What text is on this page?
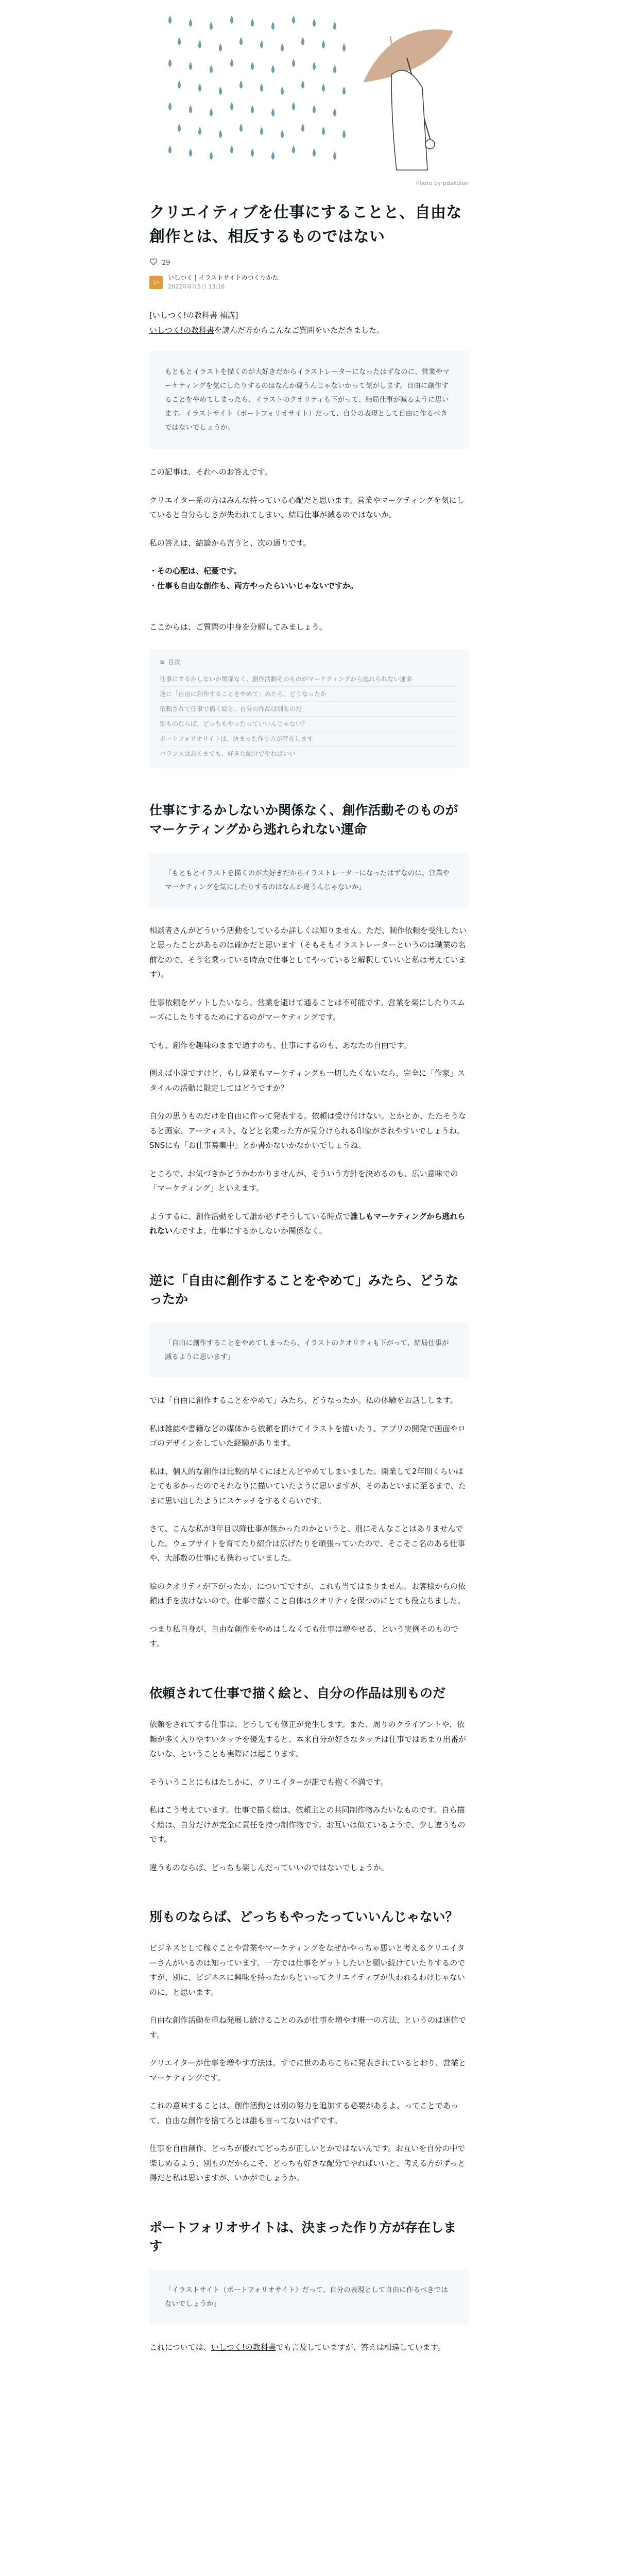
Photo by pdakolan
クリエイティブを仕事にすることと、自由な創作とは、相反するものではない
29
い
いしつく | イラストサイトのつくりかた
2022年6月5日 13:16

[いしつく!の教科書 補講]

いしつく!の教科書を読んだ方からこんなご質問をいただきました。

もともとイラストを描くのが大好きだからイラストレーターになったはずなのに、営業やマーケティングを気にしたりするのはなんか違うんじゃないかって気がします。自由に創作することをやめてしまったら、イラストのクオリティも下がって、結局仕事が減るように思います。イラストサイト（ポートフォリオサイト）だって、自分の表現として自由に作るべきではないでしょうか。

この記事は、それへのお答えです。

クリエイター系の方はみんな持っている心配だと思います。営業やマーケティングを気にしていると自分らしさが失われてしまい、結局仕事が減るのではないか。

私の答えは、結論から言うと、次の通りです。

・その心配は、杞憂です。

・仕事も自由な創作も、両方やったらいいじゃないですか。

ここからは、ご質問の中身を分解してみましょう。

≡ 目次
仕事にするかしないか関係なく、創作活動そのものがマーケティングから逃れられない運命
逆に「自由に創作することをやめて」みたら、どうなったか
依頼されて仕事で描く絵と、自分の作品は別ものだ
別ものならば、どっちもやったっていいんじゃない？
ポートフォリオサイトは、決まった作り方が存在します
バランスはあくまでも、好きな配分でやればいい
仕事にするかしないか関係なく、創作活動そのものがマーケティングから逃れられない運命
「もともとイラストを描くのが大好きだからイラストレーターになったはずなのに、営業やマーケティングを気にしたりするのはなんか違うんじゃないか」

相談者さんがどういう活動をしているか詳しくは知りません。ただ、制作依頼を受注したいと思ったことがあるのは確かだと思います（そもそもイラストレーターというのは職業の名前なので、そう名乗っている時点で仕事としてやっていると解釈していいと私は考えています）。

仕事依頼をゲットしたいなら、営業を避けて通ることは不可能です。営業を楽にしたりスムーズにしたりするためにするのがマーケティングです。

でも、創作を趣味のままで通すのも、仕事にするのも、あなたの自由です。

例えば小説ですけど、もし営業もマーケティングも一切したくないなら、完全に「作家」スタイルの活動に限定してはどうですか？

自分の思うものだけを自由に作って発表する。依頼は受け付けない。とかとか、たたそうなると画家、アーティスト、などと名乗った方が見分けられる印象がされやすいでしょうね。SNSにも「お仕事募集中」とか書かないかなかいでしょうね。

ところで、お気づきかどうかわかりませんが、そういう方針を決めるのも、広い意味での「マーケティング」といえます。

ようするに、創作活動をして誰か必ずそうしている時点で誰しもマーケティングから逃れられないんですよ。仕事にするかしないか関係なく。

逆に「自由に創作することをやめて」みたら、どうなったか
「自由に創作することをやめてしまったら、イラストのクオリティも下がって、結局仕事が減るように思います」

では「自由に創作することをやめて」みたら、どうなったか。私の体験をお話しします。

私は雑誌や書籍などの媒体から依頼を頂けてイラストを描いたり、アプリの開発で画面やロゴのデザインをしていた経験があります。

私は、個人的な創作は比較的早くにほとんどやめてしまいました。開業して2年間くらいはとても多かったのでそれなりに描いていたように思いますが、そのあといまに至るまで、たまに思い出したようにスケッチをするくらいです。

さて、こんな私が3年目以降仕事が無かったのかというと、別にそんなことはありませんでした。ウェブサイトを育てたり紹介は広げたりを頑張っていたので、そこそこ名のある仕事や、大部数の仕事にも携わっていました。

絵のクオリティが下がったか、についてですが、これも当てはまりません。お客様からの依頼は手を抜けないので、仕事で描くこと自体はクオリティを保つのにとても役立ちました。

つまり私自身が、自由な創作をやめはしなくても仕事は増やせる、という実例そのものです。

依頼されて仕事で描く絵と、自分の作品は別ものだ

依頼をされてする仕事は、どうしても修正が発生します。また、周りのクライアントや、依頼が多く入りやすいタッチを優先すると、本来自分が好きなタッチは仕事ではあまり出番がないな、ということも実際には起こります。

そういうことにもはたしかに、クリエイターが誰でも抱く不満です。

私はこう考えています。仕事で描く絵は、依頼主との共同制作物みたいなものです。自ら描く絵は、自分だけが完全に責任を持つ制作物です。お互いは似ているようで、少し違うものです。

違うものならば、どっちも楽しんだっていいのではないでしょうか。

別ものならば、どっちもやったっていいんじゃない？

ビジネスとして稼ぐことや営業やマーケティングをなぜかやっちゃ悪いと考えるクリエイターさんがいるのは知っています。一方では仕事をゲットしたいと願い続けていたりするのですが、別に、ビジネスに興味を持ったからといってクリエイティブが失われるわけじゃないのに、と思います。

自由な創作活動を重ね発展し続けることのみが仕事を増やす唯一の方法、というのは迷信です。

クリエイターが仕事を増やす方法は、すでに世のあちこちに発表されているとおり、営業とマーケティングです。

これの意味することは、創作活動とは別の努力を追加する必要があるよ、ってことであって、自由な創作を捨てろとは誰も言ってないはずです。

仕事を自由創作、どっちが優れてどっちが正しいとかではないんです。お互いを自分の中で楽しめるよう、別ものだからこそ、どっちも好きな配分でやればいいと、考える方がずっと得だと私は思いますが、いかがでしょうか。

ポートフォリオサイトは、決まった作り方が存在します
「イラストサイト（ポートフォリオサイト）だって、自分の表現として自由に作るべきではないでしょうか」

これについては、いしつく!の教科書でも言及していますが、答えは相違しています。
